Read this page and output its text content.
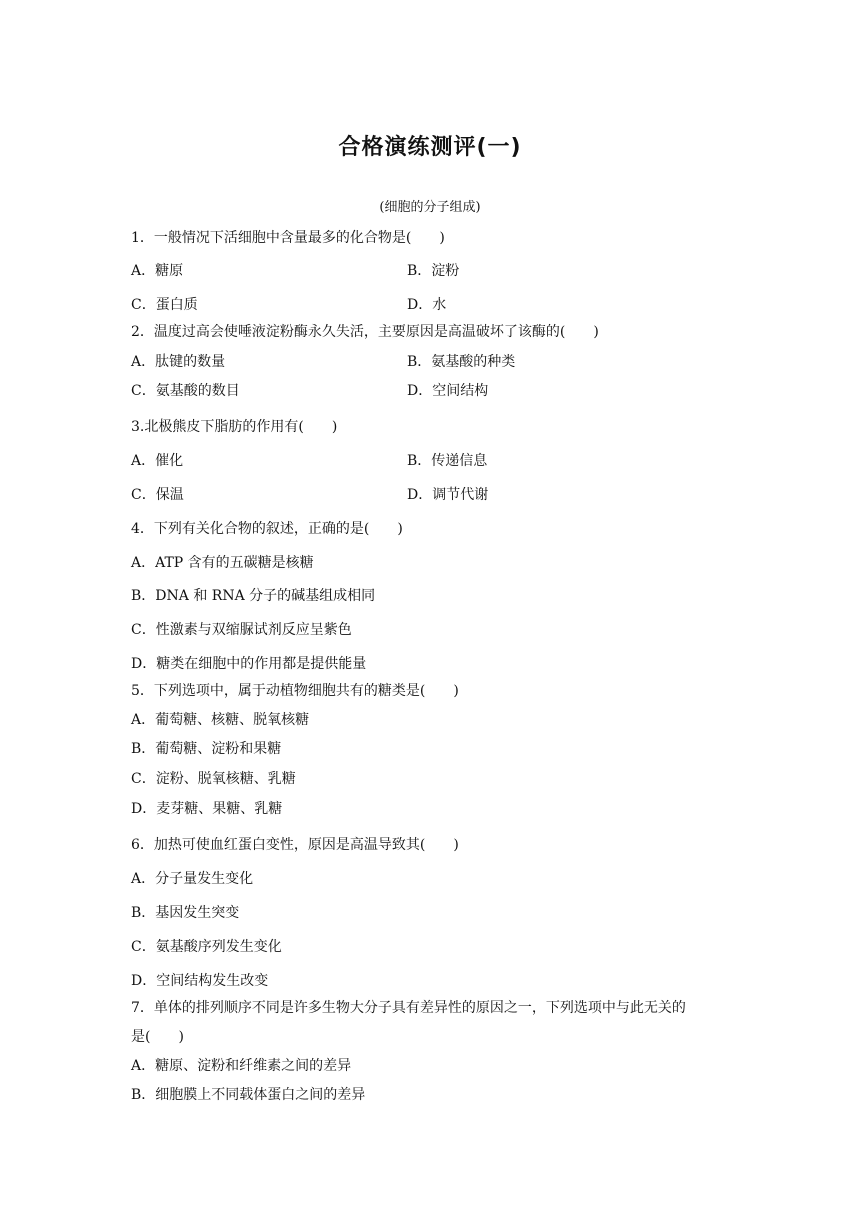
合格演练测评(一)
(细胞的分子组成)
1．一般情况下活细胞中含量最多的化合物是(　　)
A．糖原	B．淀粉
C．蛋白质	D．水
2．温度过高会使唾液淀粉酶永久失活，主要原因是高温破坏了该酶的(　　)
A．肽键的数量	B．氨基酸的种类
C．氨基酸的数目	D．空间结构
3.北极熊皮下脂肪的作用有(　　)
A．催化	B．传递信息
C．保温	D．调节代谢
4．下列有关化合物的叙述，正确的是(　　)
A．ATP 含有的五碳糖是核糖
B．DNA 和 RNA 分子的碱基组成相同
C．性激素与双缩脲试剂反应呈紫色
D．糖类在细胞中的作用都是提供能量
5．下列选项中，属于动植物细胞共有的糖类是(　　)
A．葡萄糖、核糖、脱氧核糖
B．葡萄糖、淀粉和果糖
C．淀粉、脱氧核糖、乳糖
D．麦芽糖、果糖、乳糖
6．加热可使血红蛋白变性，原因是高温导致其(　　)
A．分子量发生变化
B．基因发生突变
C．氨基酸序列发生变化
D．空间结构发生改变
7．单体的排列顺序不同是许多生物大分子具有差异性的原因之一，下列选项中与此无关的
是(　　)
A．糖原、淀粉和纤维素之间的差异
B．细胞膜上不同载体蛋白之间的差异
